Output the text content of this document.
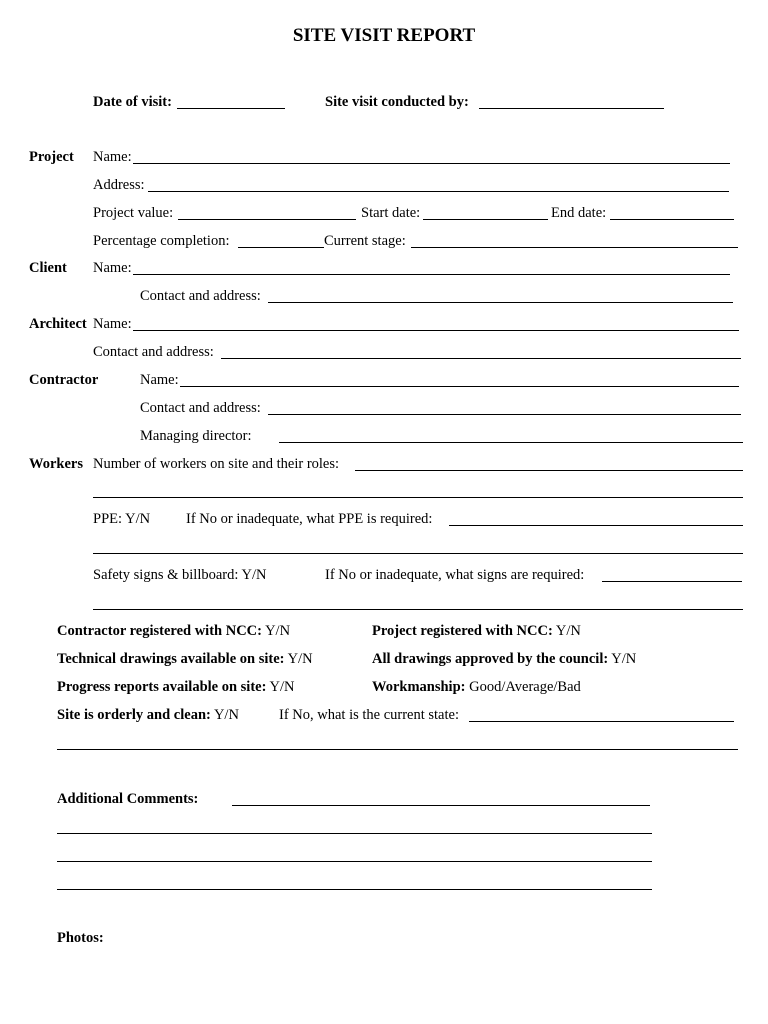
SITE VISIT REPORT
Date of visit:	Site visit conducted by:
Project Name:
Address:
Project value:	Start date:	End date:
Percentage completion:	Current stage:
Client Name:
Contact and address:
Architect Name:
Contact and address:
Contractor	Name:
Contact and address:
Managing director:
Workers Number of workers on site and their roles:
PPE: Y/N If No or inadequate, what PPE is required:
Safety signs & billboard: Y/N	If No or inadequate, what signs are required:
Contractor registered with NCC: Y/N	Project registered with NCC: Y/N
Technical drawings available on site: Y/N	All drawings approved by the council: Y/N
Progress reports available on site: Y/N	Workmanship: Good/Average/Bad
Site is orderly and clean: Y/N	If No, what is the current state:
Additional Comments:
Photos:
